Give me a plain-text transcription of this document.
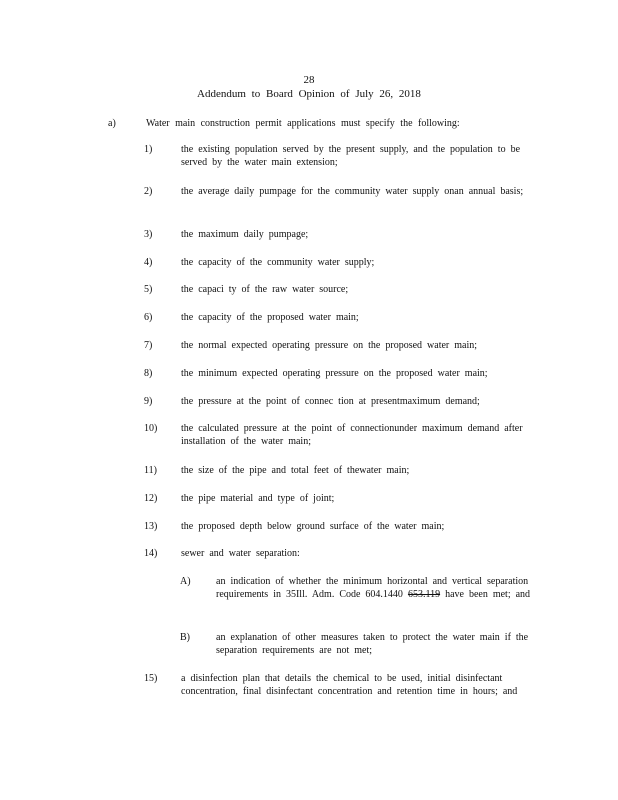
28
Addendum to Board Opinion of July 26, 2018
a)	Water main construction permit applications must specify the following:
1)	the existing population served by the present supply, and the population to be served by the water main extension;
2)	the average daily pumpage for the community water supply onan annual basis;
3)	the maximum daily pumpage;
4)	the capacity of the community water supply;
5)	the capaci ty of the raw water source;
6)	the capacity of the proposed water main;
7)	the normal expected operating pressure on the proposed water main;
8)	the minimum expected operating pressure on the proposed water main;
9)	the pressure at the point of connec tion at presentmaximum demand;
10) the calculated pressure at the point of connectionunder maximum demand after installation of the water main;
11) the size of the pipe and total feet of thewater main;
12) the pipe material and type of joint;
13) the proposed depth below ground surface of the water main;
14) sewer and water separation:
A)	an indication of whether the minimum horizontal and vertical separation requirements in 35Ill. Adm. Code 604.1440 653.119 have been met; and
B)	an explanation of other measures taken to protect the water main if the separation requirements are not met;
15) a disinfection plan that details the chemical to be used, initial disinfectant concentration, final disinfectant concentration and retention time in hours; and
